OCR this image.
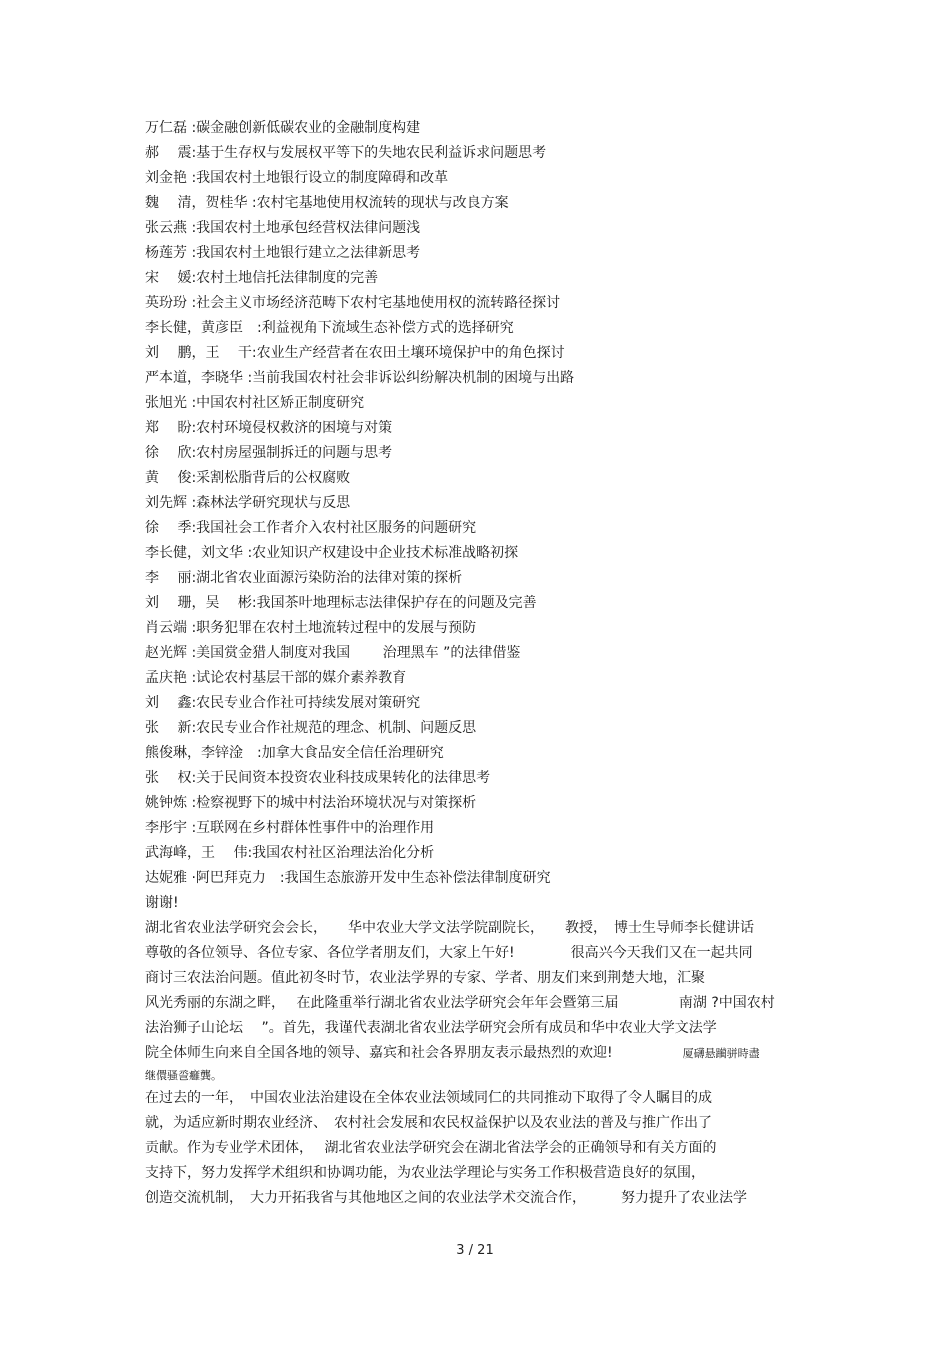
万仁磊 :碳金融创新低碳农业的金融制度构建
郝　 震:基于生存权与发展权平等下的失地农民利益诉求问题思考
刘金艳 :我国农村土地银行设立的制度障碍和改革
魏　 清，贺桂华 :农村宅基地使用权流转的现状与改良方案
张云燕 :我国农村土地承包经营权法律问题浅
杨莲芳 :我国农村土地银行建立之法律新思考
宋　 媛:农村土地信托法律制度的完善
英玢玢 :社会主义市场经济范畴下农村宅基地使用权的流转路径探讨
李长健，黄彦臣　:利益视角下流域生态补偿方式的选择研究
刘　 鹏，王　 干:农业生产经营者在农田土壤环境保护中的角色探讨
严本道，李晓华 :当前我国农村社会非诉讼纠纷解决机制的困境与出路
张旭光 :中国农村社区矫正制度研究
郑　 盼:农村环境侵权救济的困境与对策
徐　 欣:农村房屋强制拆迁的问题与思考
黄　 俊:采割松脂背后的公权腐败
刘先辉 :森林法学研究现状与反思
徐　 季:我国社会工作者介入农村社区服务的问题研究
李长健，刘文华 :农业知识产权建设中企业技术标准战略初探
李　 丽:湖北省农业面源污染防治的法律对策的探析
刘　 珊，吴　 彬:我国茶叶地理标志法律保护存在的问题及完善
肖云端 :职务犯罪在农村土地流转过程中的发展与预防
赵光辉 :美国赏金猎人制度对我国　　 治理黑车 ”的法律借鉴
孟庆艳 :试论农村基层干部的媒介素养教育
刘　 鑫:农民专业合作社可持续发展对策研究
张　 新:农民专业合作社规范的理念、机制、问题反思
熊俊琳，李锌淦　:加拿大食品安全信任治理研究
张　 权:关于民间资本投资农业科技成果转化的法律思考
姚钟炼 :检察视野下的城中村法治环境状况与对策探析
李彤宇 :互联网在乡村群体性事件中的治理作用
武海峰，王　 伟:我国农村社区治理法治化分析
达妮雅 ·阿巴拜克力　:我国生态旅游开发中生态补偿法律制度研究
谢谢!
湖北省农业法学研究会会长，　　华中农业大学文法学院副院长，　　教授，　博士生导师李长健讲话
尊敬的各位领导、各位专家、各位学者朋友们，大家上午好!　　　　很高兴今天我们又在一起共同
商讨三农法治问题。值此初冬时节，农业法学界的专家、学者、朋友们来到荆楚大地，汇聚
风光秀丽的东湖之畔，　 在此隆重举行湖北省农业法学研究会年年会暨第三届　　　　 南湖 ?中国农村
法治狮子山论坛　 ”。首先，我谨代表湖北省农业法学研究会所有成员和华中农业大学文法学
院全体师生向来自全国各地的领导、嘉宾和社会各界朋友表示最热烈的欢迎!　　　　　厦礴悬躏骈時盡
继儇骚巹癰龔。
在过去的一年，　中国农业法治建设在全体农业法领域同仁的共同推动下取得了令人瞩目的成
就，为适应新时期农业经济、　农村社会发展和农民权益保护以及农业法的普及与推广作出了
贡献。作为专业学术团体，　 湖北省农业法学研究会在湖北省法学会的正确领导和有关方面的
支持下，努力发挥学术组织和协调功能，为农业法学理论与实务工作积极营造良好的氛围，
创造交流机制，　大力开拓我省与其他地区之间的农业法学术交流合作，　　　努力提升了农业法学
3 / 21
